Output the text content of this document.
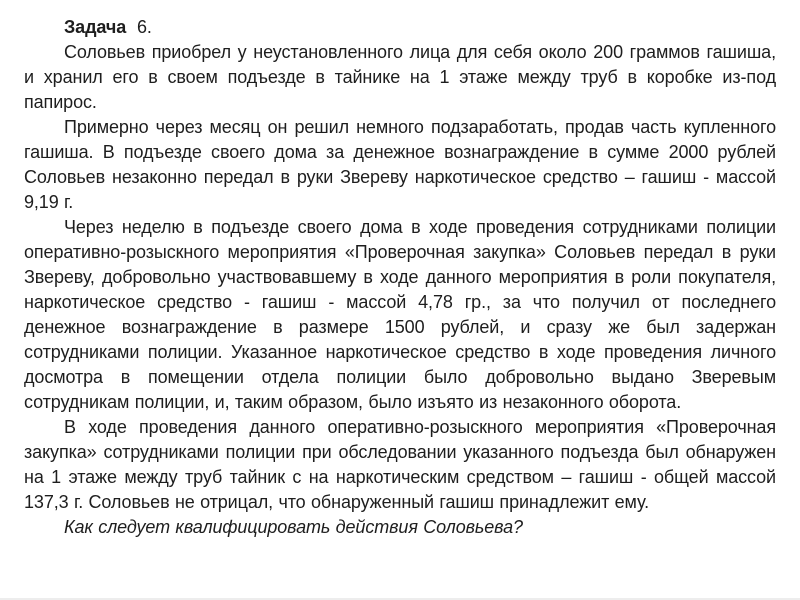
Задача 6.

Соловьев приобрел у неустановленного лица для себя около 200 граммов гашиша, и хранил его в своем подъезде в тайнике на 1 этаже между труб в коробке из-под папирос.

Примерно через месяц он решил немного подзаработать, продав часть купленного гашиша. В подъезде своего дома за денежное вознаграждение в сумме 2000 рублей Соловьев незаконно передал в руки Звереву наркотическое средство – гашиш - массой 9,19 г.

Через неделю в подъезде своего дома в ходе проведения сотрудниками полиции оперативно-розыскного мероприятия «Проверочная закупка» Соловьев передал в руки Звереву, добровольно участвовавшему в ходе данного мероприятия в роли покупателя, наркотическое средство - гашиш - массой 4,78 гр., за что получил от последнего денежное вознаграждение в размере 1500 рублей, и сразу же был задержан сотрудниками полиции. Указанное наркотическое средство в ходе проведения личного досмотра в помещении отдела полиции было добровольно выдано Зверевым сотрудникам полиции, и, таким образом, было изъято из незаконного оборота.

В ходе проведения данного оперативно-розыскного мероприятия «Проверочная закупка» сотрудниками полиции при обследовании указанного подъезда был обнаружен на 1 этаже между труб тайник с на наркотическим средством – гашиш - общей массой 137,3 г. Соловьев не отрицал, что обнаруженный гашиш принадлежит ему.

Как следует квалифицировать действия Соловьева?
